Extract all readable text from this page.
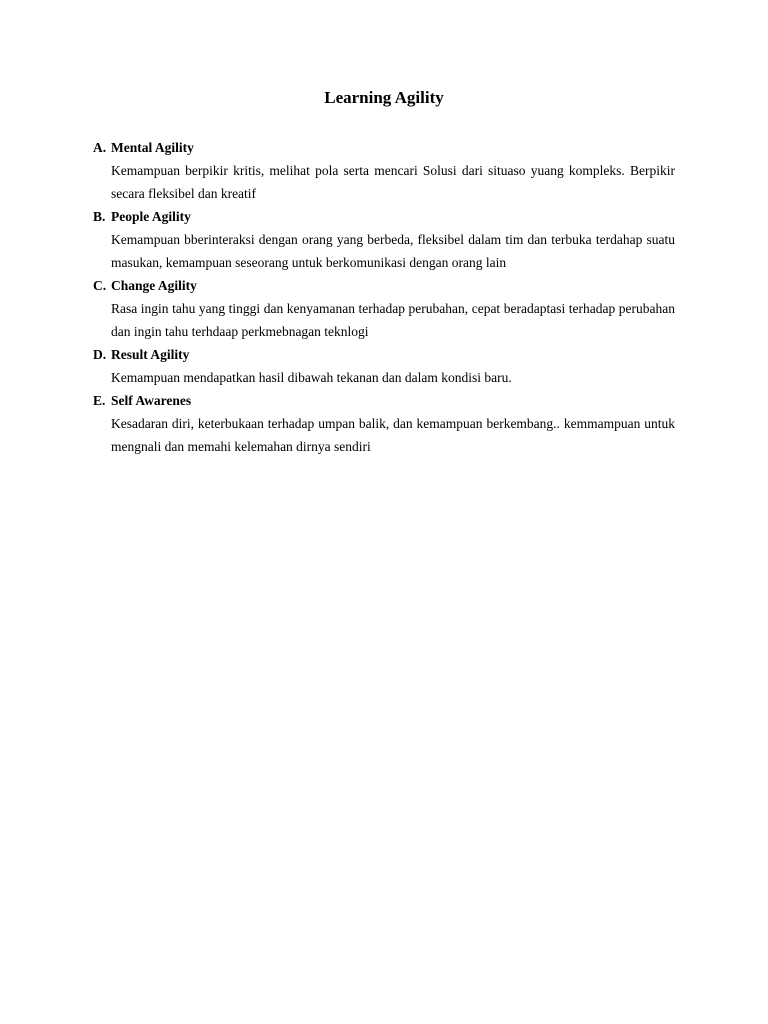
Learning Agility
A. Mental Agility
Kemampuan berpikir kritis, melihat pola serta mencari Solusi dari situaso yuang kompleks. Berpikir secara fleksibel dan kreatif
B. People Agility
Kemampuan bberinteraksi dengan orang yang berbeda, fleksibel dalam tim dan terbuka terdahap suatu masukan, kemampuan seseorang untuk berkomunikasi dengan orang lain
C. Change Agility
Rasa ingin tahu yang tinggi dan kenyamanan terhadap perubahan, cepat beradaptasi terhadap perubahan dan ingin tahu terhdaap perkmebnagan teknlogi
D. Result Agility
Kemampuan mendapatkan hasil dibawah tekanan dan dalam kondisi baru.
E. Self Awarenes
Kesadaran diri, keterbukaan terhadap umpan balik, dan kemampuan berkembang.. kemmampuan untuk mengnali dan memahi kelemahan dirnya sendiri
